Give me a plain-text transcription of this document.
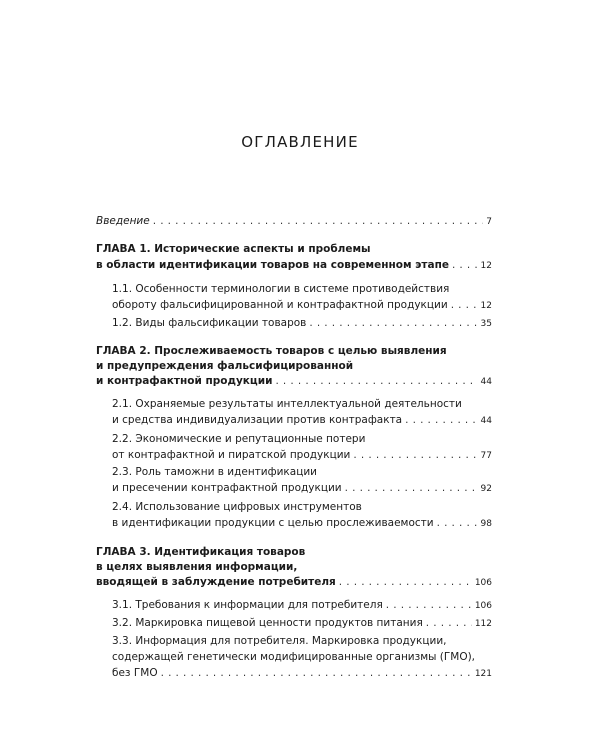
ОГЛАВЛЕНИЕ
Введение . . .	7
ГЛАВА 1. Исторические аспекты и проблемы
в области идентификации товаров на современном этапе . . .	12
1.1. Особенности терминологии в системе противодействия
обороту фальсифицированной и контрафактной продукции . . .	12
1.2. Виды фальсификации товаров . . .	35
ГЛАВА 2. Прослеживаемость товаров с целью выявления
и предупреждения фальсифицированной
и контрафактной продукции . . .	44
2.1. Охраняемые результаты интеллектуальной деятельности
и средства индивидуализации против контрафакта . . .	44
2.2. Экономические и репутационные потери
от контрафактной и пиратской продукции . . .	77
2.3. Роль таможни в идентификации
и пресечении контрафактной продукции . . .	92
2.4. Использование цифровых инструментов
в идентификации продукции с целью прослеживаемости . . .	98
ГЛАВА 3. Идентификация товаров
в целях выявления информации,
вводящей в заблуждение потребителя . . .	106
3.1. Требования к информации для потребителя . . .	106
3.2. Маркировка пищевой ценности продуктов питания . . .	112
3.3. Информация для потребителя. Маркировка продукции,
содержащей генетически модифицированные организмы (ГМО),
без ГМО . . .	121
